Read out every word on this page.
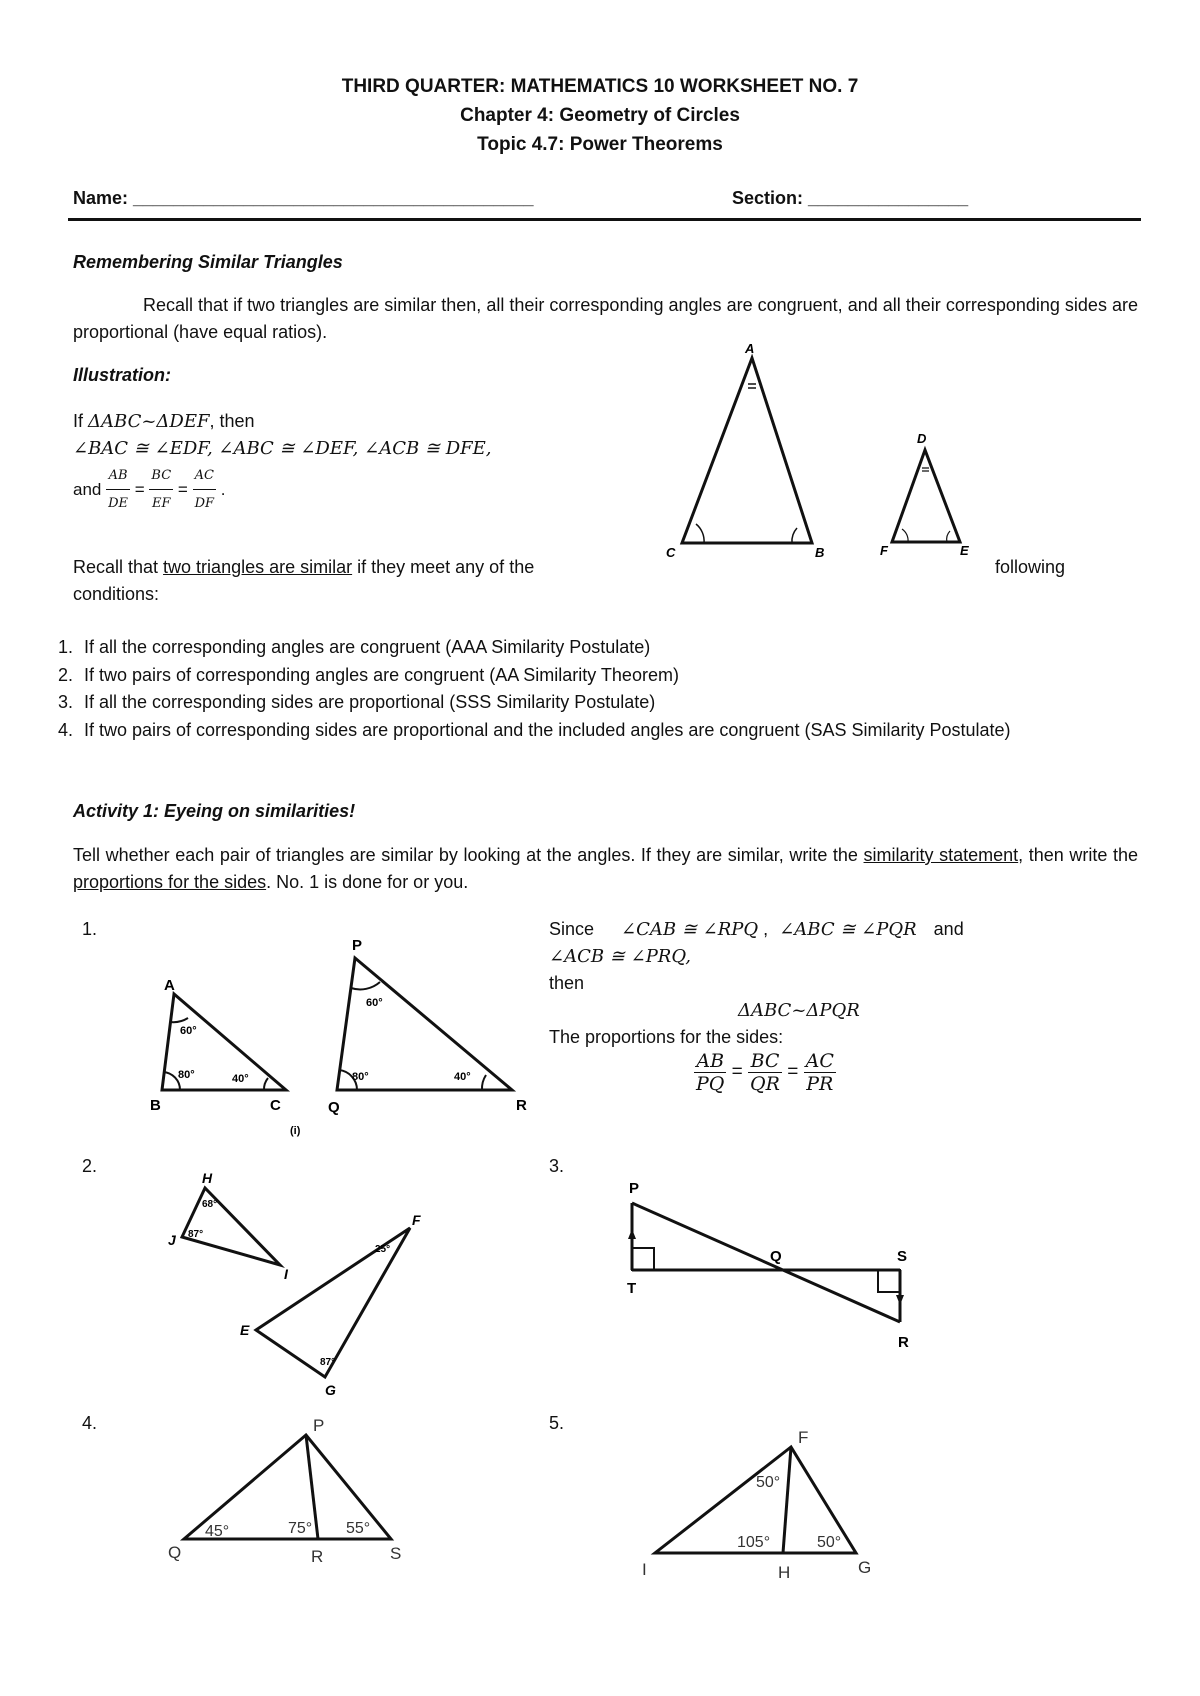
THIRD QUARTER: MATHEMATICS 10 WORKSHEET NO. 7
Chapter 4: Geometry of Circles
Topic 4.7: Power Theorems
Name: ________________________________________	Section: ________________
Remembering Similar Triangles
Recall that if two triangles are similar then, all their corresponding angles are congruent, and all their corresponding sides are proportional (have equal ratios).
Illustration:
If ΔABC~ΔDEF, then
∠BAC ≅ ∠EDF, ∠ABC ≅ ∠DEF, ∠ACB ≅ DFE,
and $\frac{AB}{DE} = \frac{BC}{EF} = \frac{AC}{DF}$ .
A
C	B
D
F	E
Recall that two triangles are similar if they meet any of the	following
conditions:
1. If all the corresponding angles are congruent (AAA Similarity Postulate)
2. If two pairs of corresponding angles are congruent (AA Similarity Theorem)
3. If all the corresponding sides are proportional (SSS Similarity Postulate)
4. If two pairs of corresponding sides are proportional and the included angles are congruent (SAS Similarity Postulate)
Activity 1: Eyeing on similarities!
Tell whether each pair of triangles are similar by looking at the angles. If they are similar, write the similarity statement, then write the proportions for the sides. No. 1 is done for or you.
1.
A
B	C
60°
80°	40°
P
Q	R
60°
80°	40°
(i)
Since ∠CAB ≅ ∠RPQ , ∠ABC ≅ ∠PQR and
∠ACB ≅ ∠PRQ,
then
ΔABC~ΔPQR
The proportions for the sides:
$\frac{AB}{PQ} = \frac{BC}{QR} = \frac{AC}{PR}$
2.
H
J
I
68°
87°
F
E
G
25°
87°
3.
P
T
Q	S
R
4.	P
Q	R	S
45°	75° 55°
5.
F
I	H	G
50°
105°	50°
